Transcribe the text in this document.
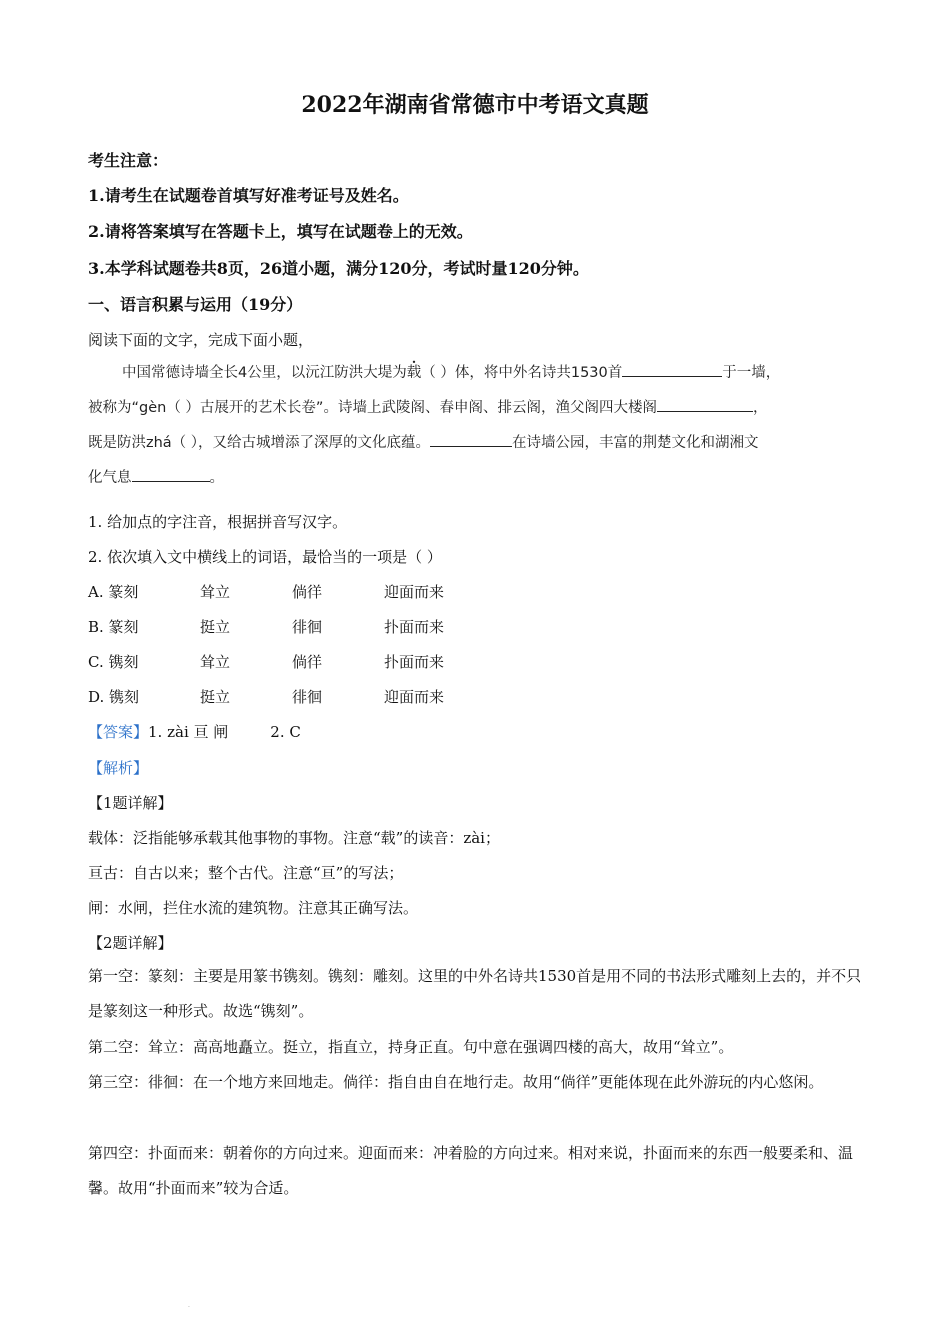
2022年湖南省常德市中考语文真题
考生注意：
1.请考生在试题卷首填写好准考证号及姓名。
2.请将答案填写在答题卡上，填写在试题卷上的无效。
3.本学科试题卷共8页，26道小题，满分120分，考试时量120分钟。
一、语言积累与运用（19分）
阅读下面的文字，完成下面小题，
中国常德诗墙全长4公里，以沅江防洪大堤为载（ ）体，将中外名诗共1530首	于一墙，
被称为“gèn（ ）古展开的艺术长卷”。诗墙上武陵阁、春申阁、排云阁，渔父阁四大楼阁	，
既是防洪zhá（ ），又给古城增添了深厚的文化底蕴。	在诗墙公园，丰富的荆楚文化和湖湘文
化气息	。
1. 给加点的字注音，根据拼音写汉字。
2. 依次填入文中横线上的词语，最恰当的一项是（ ）
A. 篆刻	耸立	倘徉	迎面而来
B. 篆刻	挺立	徘徊	扑面而来
C. 镌刻	耸立	倘徉	扑面而来
D. 镌刻	挺立	徘徊	迎面而来
【答案】1. zài 亘 闸	2. C
【解析】
【1题详解】
载体：泛指能够承载其他事物的事物。注意“载”的读音：zài；
亘古：自古以来；整个古代。注意“亘”的写法；
闸：水闸，拦住水流的建筑物。注意其正确写法。
【2题详解】
第一空：篆刻：主要是用篆书镌刻。镌刻：雕刻。这里的中外名诗共1530首是用不同的书法形式雕刻上去的，并不只是篆刻这一种形式。故选“镌刻”。
第二空：耸立：高高地矗立。挺立，指直立，持身正直。句中意在强调四楼的高大，故用“耸立”。
第三空：徘徊：在一个地方来回地走。倘徉：指自由自在地行走。故用“倘徉”更能体现在此外游玩的内心悠闲。
第四空：扑面而来：朝着你的方向过来。迎面而来：冲着脸的方向过来。相对来说，扑面而来的东西一般要柔和、温馨。故用“扑面而来”较为合适。
.
